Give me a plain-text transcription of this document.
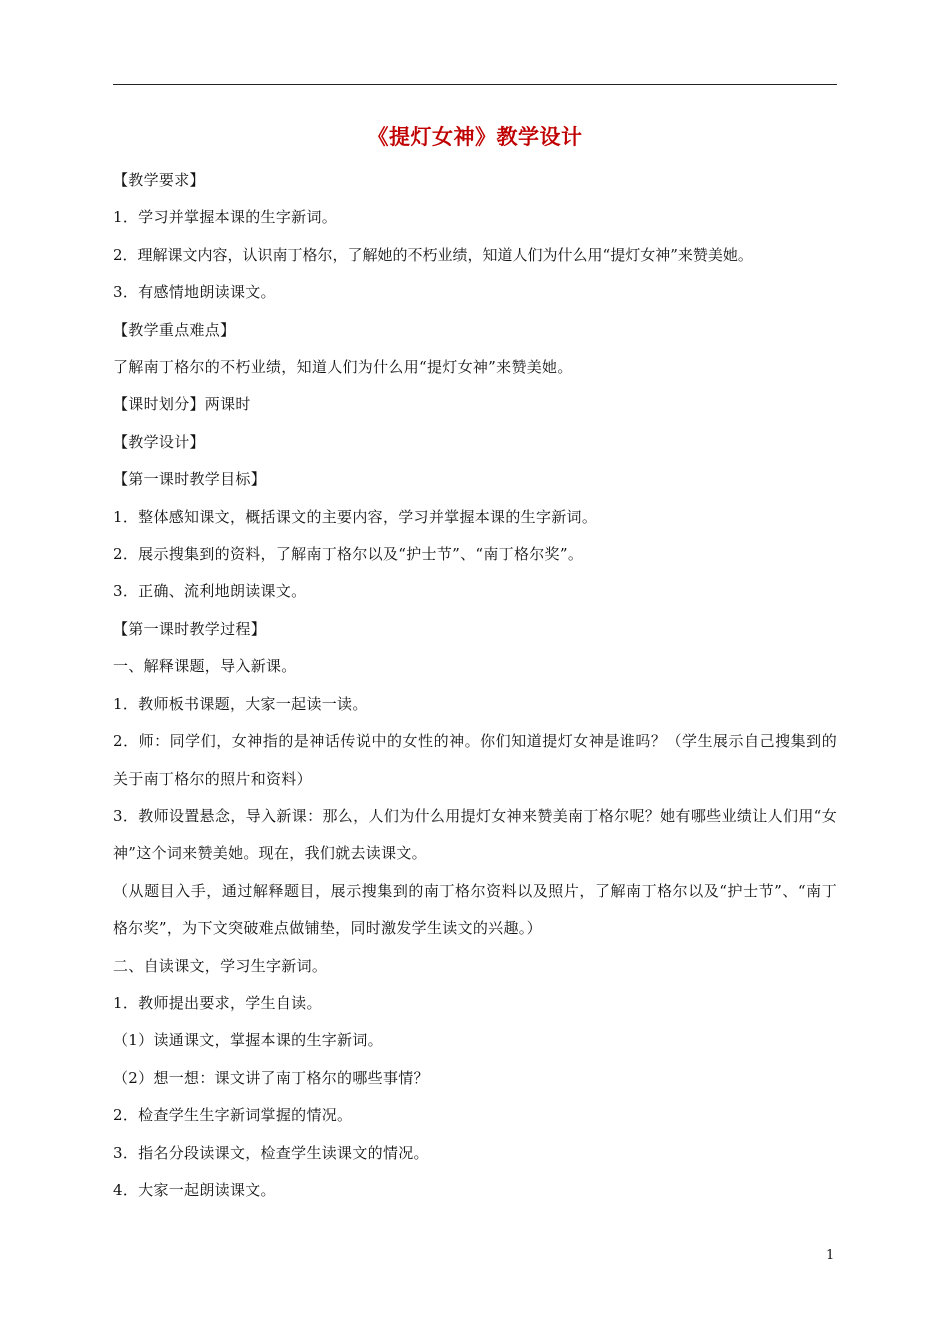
《提灯女神》教学设计

【教学要求】

1．学习并掌握本课的生字新词。

2．理解课文内容，认识南丁格尔，了解她的不朽业绩，知道人们为什么用“提灯女神”来赞美她。

3．有感情地朗读课文。

【教学重点难点】

了解南丁格尔的不朽业绩，知道人们为什么用“提灯女神”来赞美她。

【课时划分】两课时

【教学设计】

【第一课时教学目标】

1．整体感知课文，概括课文的主要内容，学习并掌握本课的生字新词。

2．展示搜集到的资料，了解南丁格尔以及“护士节”、“南丁格尔奖”。

3．正确、流利地朗读课文。

【第一课时教学过程】

一、解释课题，导入新课。

1．教师板书课题，大家一起读一读。

2．师：同学们，女神指的是神话传说中的女性的神。你们知道提灯女神是谁吗？（学生展示自己搜集到的关于南丁格尔的照片和资料）

3．教师设置悬念，导入新课：那么，人们为什么用提灯女神来赞美南丁格尔呢？她有哪些业绩让人们用“女神”这个词来赞美她。现在，我们就去读课文。

（从题目入手，通过解释题目，展示搜集到的南丁格尔资料以及照片，了解南丁格尔以及“护士节”、“南丁格尔奖”，为下文突破难点做铺垫，同时激发学生读文的兴趣。）

二、自读课文，学习生字新词。

1．教师提出要求，学生自读。

（1）读通课文，掌握本课的生字新词。

（2）想一想：课文讲了南丁格尔的哪些事情？

2．检查学生生字新词掌握的情况。

3．指名分段读课文，检查学生读课文的情况。

4．大家一起朗读课文。

1
